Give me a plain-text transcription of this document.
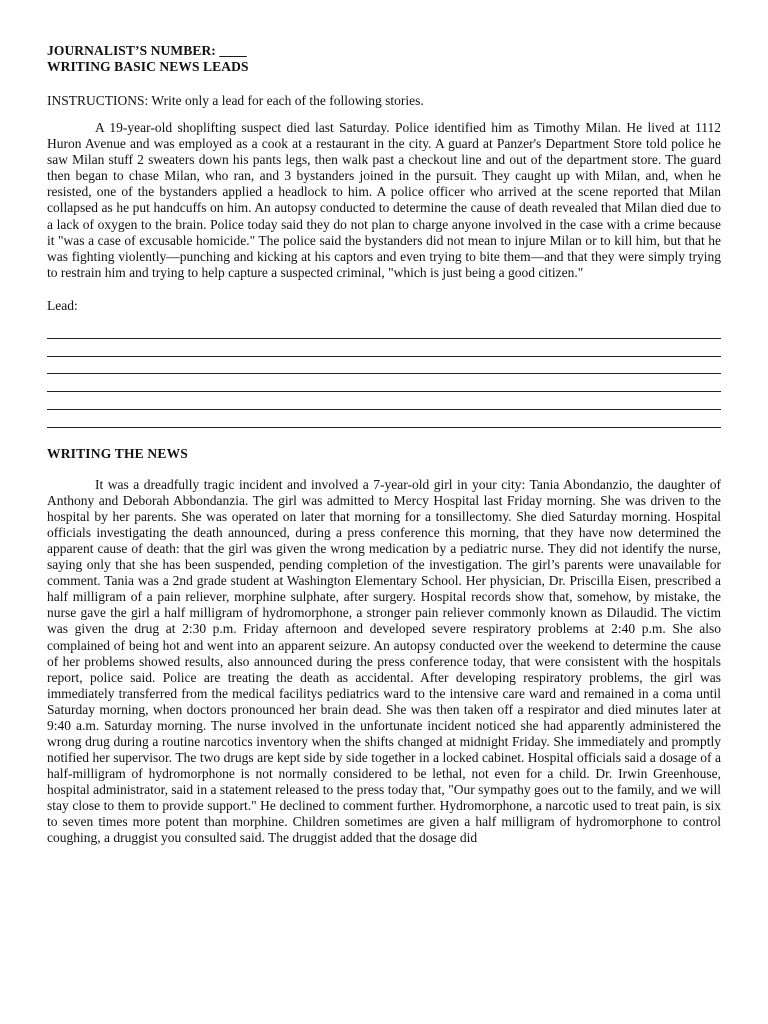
JOURNALIST’S NUMBER: ____

WRITING BASIC NEWS LEADS

INSTRUCTIONS: Write only a lead for each of the following stories.

A 19-year-old shoplifting suspect died last Saturday. Police identified him as Timothy Milan. He lived at 1112 Huron Avenue and was employed as a cook at a restaurant in the city. A guard at Panzer's Department Store told police he saw Milan stuff 2 sweaters down his pants legs, then walk past a checkout line and out of the department store. The guard then began to chase Milan, who ran, and 3 bystanders joined in the pursuit. They caught up with Milan, and, when he resisted, one of the bystanders applied a headlock to him. A police officer who arrived at the scene reported that Milan collapsed as he put handcuffs on him. An autopsy conducted to determine the cause of death revealed that Milan died due to a lack of oxygen to the brain. Police today said they do not plan to charge anyone involved in the case with a crime because it "was a case of excusable homicide." The police said the bystanders did not mean to injure Milan or to kill him, but that he was fighting violently—punching and kicking at his captors and even trying to bite them—and that they were simply trying to restrain him and trying to help capture a suspected criminal, "which is just being a good citizen."

Lead:

WRITING THE NEWS

It was a dreadfully tragic incident and involved a 7-year-old girl in your city: Tania Abondanzio, the daughter of Anthony and Deborah Abbondanzia. The girl was admitted to Mercy Hospital last Friday morning. She was driven to the hospital by her parents. She was operated on later that morning for a tonsillectomy. She died Saturday morning. Hospital officials investigating the death announced, during a press conference this morning, that they have now determined the apparent cause of death: that the girl was given the wrong medication by a pediatric nurse. They did not identify the nurse, saying only that she has been suspended, pending completion of the investigation. The girl’s parents were unavailable for comment. Tania was a 2nd grade student at Washington Elementary School. Her physician, Dr. Priscilla Eisen, prescribed a half milligram of a pain reliever, morphine sulphate, after surgery. Hospital records show that, somehow, by mistake, the nurse gave the girl a half milligram of hydromorphone, a stronger pain reliever commonly known as Dilaudid. The victim was given the drug at 2:30 p.m. Friday afternoon and developed severe respiratory problems at 2:40 p.m. She also complained of being hot and went into an apparent seizure. An autopsy conducted over the weekend to determine the cause of her problems showed results, also announced during the press conference today, that were consistent with the hospitals report, police said. Police are treating the death as accidental. After developing respiratory problems, the girl was immediately transferred from the medical facilitys pediatrics ward to the intensive care ward and remained in a coma until Saturday morning, when doctors pronounced her brain dead. She was then taken off a respirator and died minutes later at 9:40 a.m. Saturday morning. The nurse involved in the unfortunate incident noticed she had apparently administered the wrong drug during a routine narcotics inventory when the shifts changed at midnight Friday. She immediately and promptly notified her supervisor. The two drugs are kept side by side together in a locked cabinet. Hospital officials said a dosage of a half-milligram of hydromorphone is not normally considered to be lethal, not even for a child. Dr. Irwin Greenhouse, hospital administrator, said in a statement released to the press today that, "Our sympathy goes out to the family, and we will stay close to them to provide support." He declined to comment further. Hydromorphone, a narcotic used to treat pain, is six to seven times more potent than morphine. Children sometimes are given a half milligram of hydromorphone to control coughing, a druggist you consulted said. The druggist added that the dosage did
